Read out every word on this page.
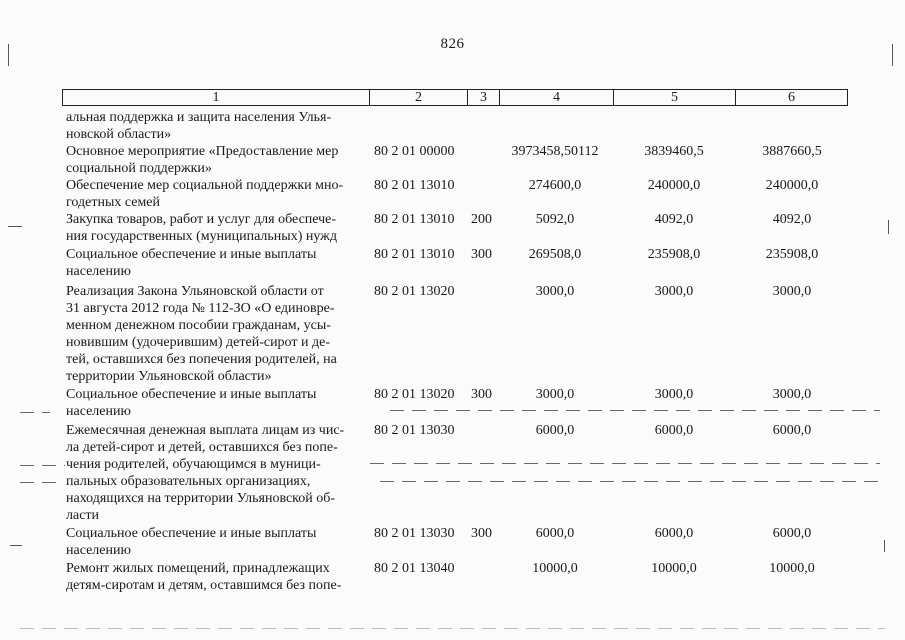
826
1	2	3	4	5	6
альная поддержка и защита населения Улья-
новской области»
Основное мероприятие «Предоставление мер
социальной поддержки»
80 2 01 00000	3973458,50112	3839460,5	3887660,5
Обеспечение мер социальной поддержки мно-
годетных семей
80 2 01 13010	274600,0	240000,0	240000,0
Закупка товаров, работ и услуг для обеспече-
ния государственных (муниципальных) нужд
80 2 01 13010 200	5092,0	4092,0	4092,0
Социальное обеспечение и иные выплаты
населению
80 2 01 13010 300	269508,0	235908,0	235908,0
Реализация Закона Ульяновской области от
31 августа 2012 года № 112-ЗО «О единовре-
менном денежном пособии гражданам, усы-
новившим (удочерившим) детей-сирот и де-
тей, оставшихся без попечения родителей, на
территории Ульяновской области»
80 2 01 13020	3000,0	3000,0	3000,0
Социальное обеспечение и иные выплаты
населению
80 2 01 13020 300	3000,0	3000,0	3000,0
Ежемесячная денежная выплата лицам из чис-
ла детей-сирот и детей, оставшихся без попе-
чения родителей, обучающимся в муници-
пальных образовательных организациях,
находящихся на территории Ульяновской об-
ласти
80 2 01 13030	6000,0	6000,0	6000,0
Социальное обеспечение и иные выплаты
населению
80 2 01 13030 300	6000,0	6000,0	6000,0
Ремонт жилых помещений, принадлежащих
детям-сиротам и детям, оставшимся без попе-
80 2 01 13040	10000,0	10000,0	10000,0
